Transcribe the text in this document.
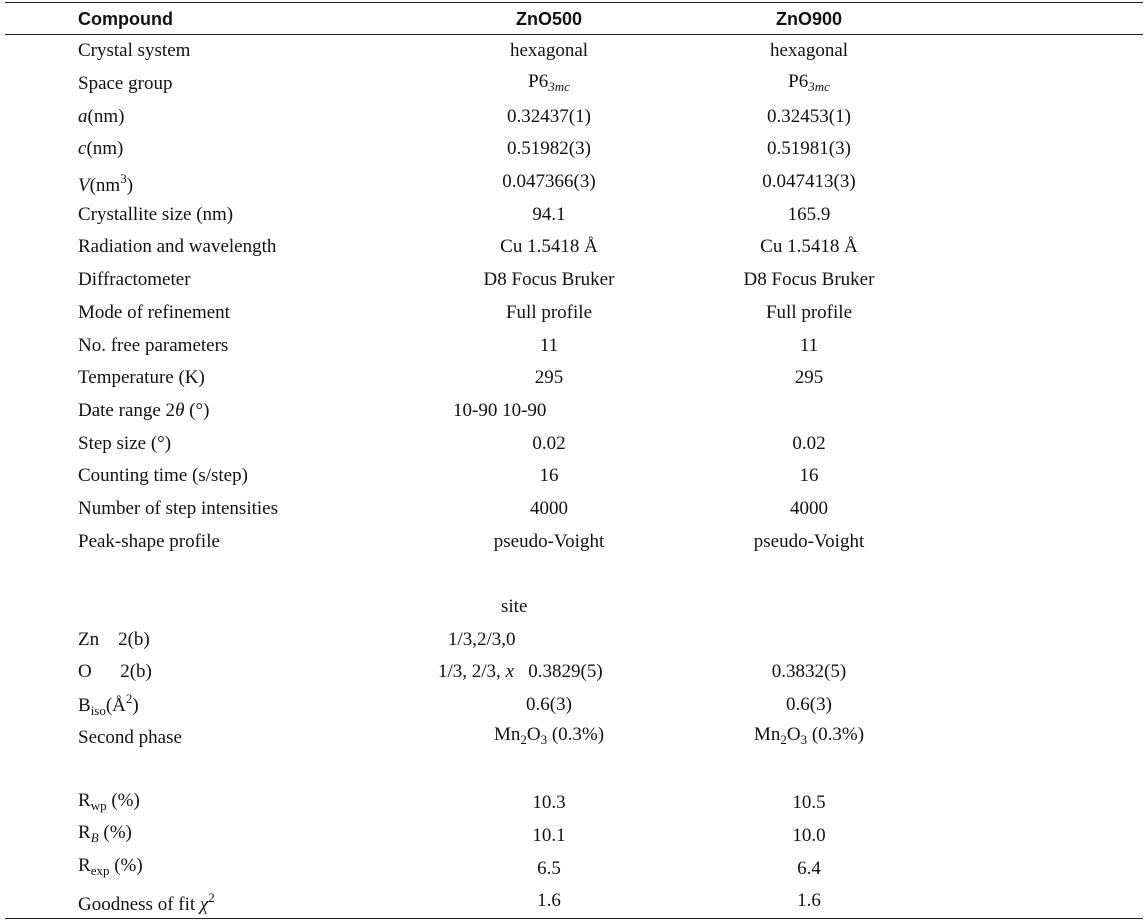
Compound	ZnO500	ZnO900
Crystal system	hexagonal	hexagonal
Space group	$P6_{3mc}$	$P6_{3mc}$
a(nm)	0.32437(1)	0.32453(1)
c(nm)	0.51982(3)	0.51981(3)
$V(nm^3)$	0.047366(3)	0.047413(3)
Crystallite size (nm)	94.1	165.9
Radiation and wavelength	Cu 1.5418 Å	Cu 1.5418 Å
Diffractometer	D8 Focus Bruker	D8 Focus Bruker
Mode of refinement	Full profile	Full profile
No. free parameters	11	11
Temperature (K)	295	295
Date range 2θ (°)	10-90 10-90	
Step size (°)	0.02	0.02
Counting time (s/step)	16	16
Number of step intensities	4000	4000
Peak-shape profile	pseudo-Voight	pseudo-Voight

	site	
Zn 2(b)	1/3,2/3,0	
O 2(b)	1/3, 2/3, x 0.3829(5)	0.3832(5)
$B_{iso}(Å^2)$	0.6(3)	0.6(3)
Second phase	$Mn_2O_3$ (0.3%)	$Mn_2O_3$ (0.3%)

$R_{wp}$ (%)	10.3	10.5
$R_B$ (%)	10.1	10.0
$R_{exp}$ (%)	6.5	6.4
Goodness of fit $\chi^2$	1.6	1.6
